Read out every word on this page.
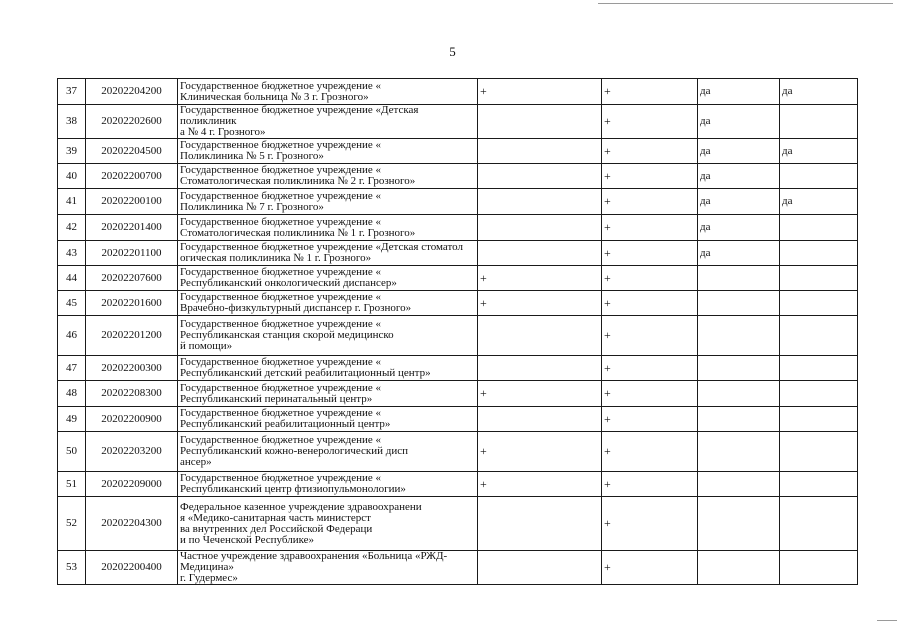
5
37	20202204200	Государственное бюджетное учреждение «
Клиническая больница № 3 г. Грозного»	+	+	да	да
38	20202202600	Государственное бюджетное учреждение «Детская поликлиник
а № 4 г. Грозного»		+	да	
39	20202204500	Государственное бюджетное учреждение «
Поликлиника № 5 г. Грозного»		+	да	да
40	20202200700	Государственное бюджетное учреждение «
Стоматологическая поликлиника № 2 г. Грозного»		+	да	
41	20202200100	Государственное бюджетное учреждение «
Поликлиника № 7 г. Грозного»		+	да	да
42	20202201400	Государственное бюджетное учреждение «
Стоматологическая поликлиника № 1 г. Грозного»		+	да	
43	20202201100	Государственное бюджетное учреждение «Детская стоматол
огическая поликлиника № 1 г. Грозного»		+	да	
44	20202207600	Государственное бюджетное учреждение «
Республиканский онкологический диспансер»	+	+		
45	20202201600	Государственное бюджетное учреждение «
Врачебно-физкультурный диспансер г. Грозного»	+	+		
46	20202201200	Государственное бюджетное учреждение «
Республиканская станция скорой медицинско
й помощи»		+		
47	20202200300	Государственное бюджетное учреждение «
Республиканский детский реабилитационный центр»		+		
48	20202208300	Государственное бюджетное учреждение «
Республиканский перинатальный центр»	+	+		
49	20202200900	Государственное бюджетное учреждение «
Республиканский реабилитационный центр»		+		
50	20202203200	Государственное бюджетное учреждение «
Республиканский кожно-венерологический дисп
ансер»	+	+		
51	20202209000	Государственное бюджетное учреждение «
Республиканский центр фтизиопульмонологии»	+	+		
52	20202204300	Федеральное казенное учреждение здравоохранени
я «Медико-санитарная часть министерст
ва внутренних дел Российской Федераци
и по Чеченской Республике»		+		
53	20202200400	Частное учреждение здравоохранения «Больница «РЖД-Медицина»
г. Гудермес»		+		
